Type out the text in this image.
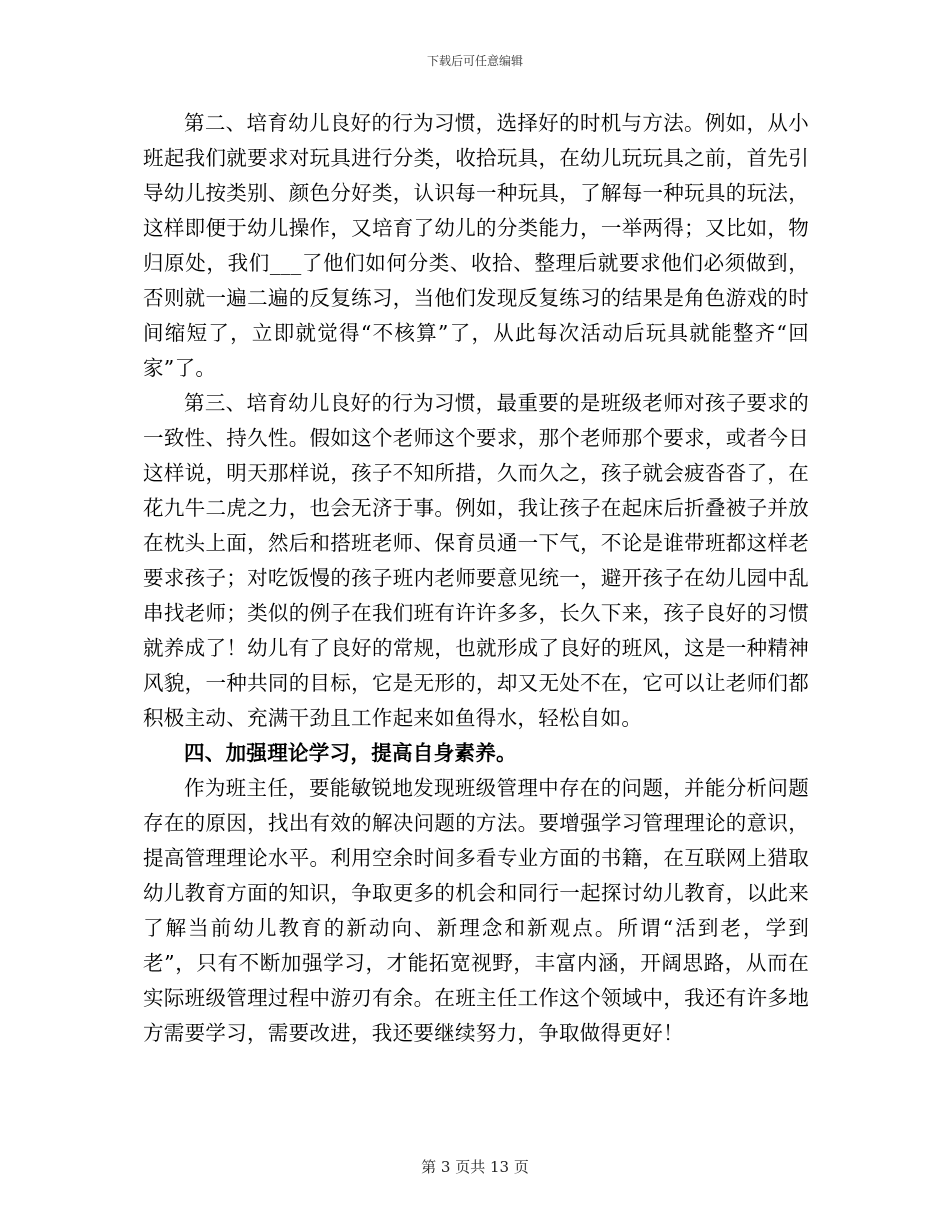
下载后可任意编辑

第二、培育幼儿良好的行为习惯，选择好的时机与方法。例如，从小班起我们就要求对玩具进行分类，收拾玩具，在幼儿玩玩具之前，首先引导幼儿按类别、颜色分好类，认识每一种玩具，了解每一种玩具的玩法，这样即便于幼儿操作，又培育了幼儿的分类能力，一举两得；又比如，物归原处，我们___了他们如何分类、收拾、整理后就要求他们必须做到，否则就一遍二遍的反复练习，当他们发现反复练习的结果是角色游戏的时间缩短了，立即就觉得“不核算”了，从此每次活动后玩具就能整齐“回家”了。

第三、培育幼儿良好的行为习惯，最重要的是班级老师对孩子要求的一致性、持久性。假如这个老师这个要求，那个老师那个要求，或者今日这样说，明天那样说，孩子不知所措，久而久之，孩子就会疲沓沓了，在花九牛二虎之力，也会无济于事。例如，我让孩子在起床后折叠被子并放在枕头上面，然后和搭班老师、保育员通一下气，不论是谁带班都这样老要求孩子；对吃饭慢的孩子班内老师要意见统一，避开孩子在幼儿园中乱串找老师；类似的例子在我们班有许许多多，长久下来，孩子良好的习惯就养成了！幼儿有了良好的常规，也就形成了良好的班风，这是一种精神风貌，一种共同的目标，它是无形的，却又无处不在，它可以让老师们都积极主动、充满干劲且工作起来如鱼得水，轻松自如。

四、加强理论学习，提高自身素养。

作为班主任，要能敏锐地发现班级管理中存在的问题，并能分析问题存在的原因，找出有效的解决问题的方法。要增强学习管理理论的意识，提高管理理论水平。利用空余时间多看专业方面的书籍，在互联网上猎取幼儿教育方面的知识，争取更多的机会和同行一起探讨幼儿教育，以此来了解当前幼儿教育的新动向、新理念和新观点。所谓“活到老，学到老”，只有不断加强学习，才能拓宽视野，丰富内涵，开阔思路，从而在实际班级管理过程中游刃有余。在班主任工作这个领域中，我还有许多地方需要学习，需要改进，我还要继续努力，争取做得更好！

第 3 页共 13 页
